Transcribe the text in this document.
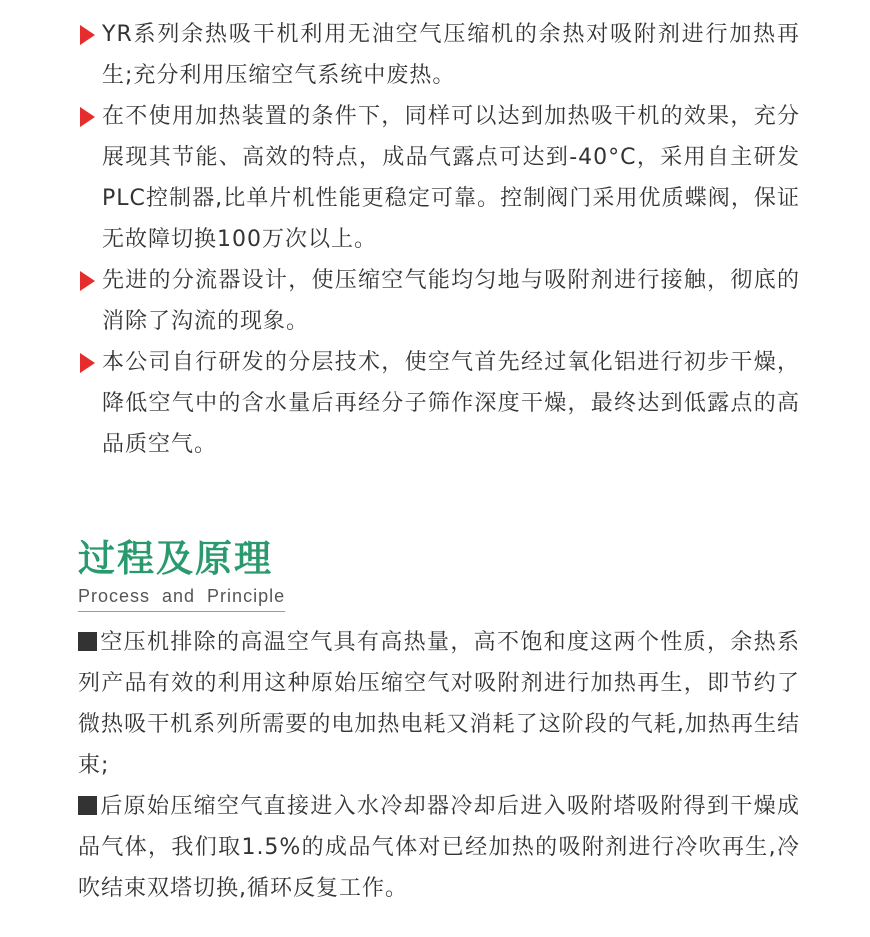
YR系列余热吸干机利用无油空气压缩机的余热对吸附剂进行加热再生;充分利用压缩空气系统中废热。

在不使用加热装置的条件下，同样可以达到加热吸干机的效果，充分展现其节能、高效的特点，成品气露点可达到-40°C，采用自主研发PLC控制器,比单片机性能更稳定可靠。控制阀门采用优质蝶阀，保证无故障切换100万次以上。

先进的分流器设计，使压缩空气能均匀地与吸附剂进行接触，彻底的消除了沟流的现象。

本公司自行研发的分层技术，使空气首先经过氧化铝进行初步干燥，降低空气中的含水量后再经分子筛作深度干燥，最终达到低露点的高品质空气。

过程及原理
Process and Principle

空压机排除的高温空气具有高热量，高不饱和度这两个性质，余热系列产品有效的利用这种原始压缩空气对吸附剂进行加热再生，即节约了微热吸干机系列所需要的电加热电耗又消耗了这阶段的气耗,加热再生结束;

后原始压缩空气直接进入水冷却器冷却后进入吸附塔吸附得到干燥成品气体，我们取1.5%的成品气体对已经加热的吸附剂进行冷吹再生,冷吹结束双塔切换,循环反复工作。
